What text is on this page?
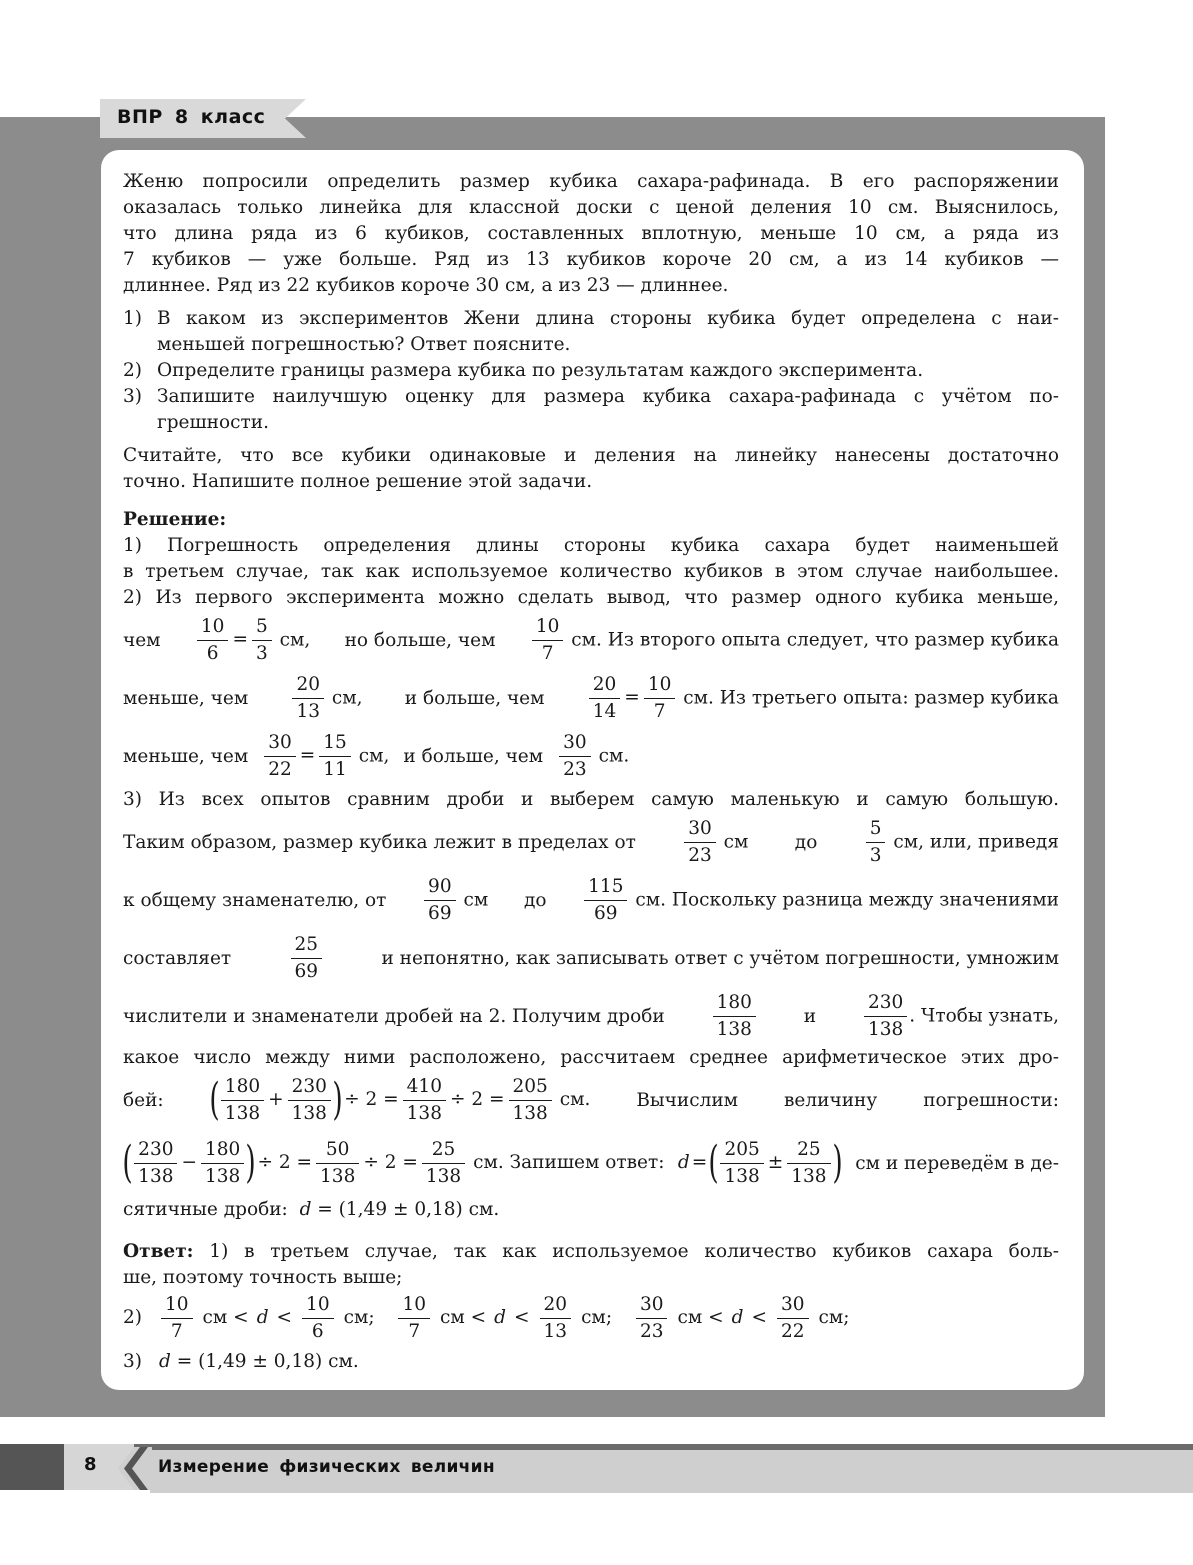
ВПР 8 класс
Женю попросили определить размер кубика сахара-рафинада. В его распоряжении
оказалась только линейка для классной доски с ценой деления 10 см. Выяснилось,
что длина ряда из 6 кубиков, составленных вплотную, меньше 10 см, а ряда из
7 кубиков — уже больше. Ряд из 13 кубиков короче 20 см, а из 14 кубиков —
длиннее. Ряд из 22 кубиков короче 30 см, а из 23 — длиннее.
1) В каком из экспериментов Жени длина стороны кубика будет определена с наи-
меньшей погрешностью? Ответ поясните.
2) Определите границы размера кубика по результатам каждого эксперимента.
3) Запишите наилучшую оценку для размера кубика сахара-рафинада с учётом по-
грешности.
Считайте, что все кубики одинаковые и деления на линейку нанесены достаточно
точно. Напишите полное решение этой задачи.
Решение:
1) Погрешность определения длины стороны кубика сахара будет наименьшей
в третьем случае, так как используемое количество кубиков в этом случае наибольшее.
2) Из первого эксперимента можно сделать вывод, что размер одного кубика меньше,
чем $\frac{10}{6} = \frac{5}{3}$ см, но больше, чем $\frac{10}{7}$ см. Из второго опыта следует, что размер кубика
меньше, чем $\frac{20}{13}$ см, и больше, чем $\frac{20}{14} = \frac{10}{7}$ см. Из третьего опыта: размер кубика
меньше, чем $\frac{30}{22} = \frac{15}{11}$ см, и больше, чем $\frac{30}{23}$ см.
3) Из всех опытов сравним дроби и выберем самую маленькую и самую большую.
Таким образом, размер кубика лежит в пределах от	$\frac{30}{23}$ см	до	$\frac{5}{3}$ см, или, приведя
к общему знаменателю, от $\frac{90}{69}$ см до $\frac{115}{69}$ см. Поскольку разница между значениями
составляет	$\frac{25}{69}$	и непонятно, как записывать ответ с учётом погрешности, умножим
числители и знаменатели дробей на 2. Получим дроби	$\frac{180}{138}$	и	$\frac{230}{138}$ . Чтобы узнать,
какое число между ними расположено, рассчитаем среднее арифметическое этих дро-
бей: ( $\frac{180}{138} + \frac{230}{138}$ )÷ $2 = \frac{410}{138} \div 2 = \frac{205}{138}$ см. Вычислим величину погрешности:
( $\frac{230}{138} - \frac{180}{138}$ )÷ $2 = \frac{50}{138} \div 2 = \frac{25}{138}$ см. Запишем ответ: d =( $\frac{205}{138} \pm \frac{25}{138}$ ) см и переведём в де-
сятичные дроби: d = (1,49 ± 0,18) см.
Ответ: 1) в третьем случае, так как используемое количество кубиков сахара боль-
ше, поэтому точность выше;
2)	$\frac{10}{7}$ см < $d < \frac{10}{6}$ см;
$\frac{10}{7}$ см < $d < \frac{20}{13}$ см;
$\frac{30}{23}$ см < $d < \frac{30}{22}$ см;
3) d = (1,49 ± 0,18) см.
8	Измерение физических величин
